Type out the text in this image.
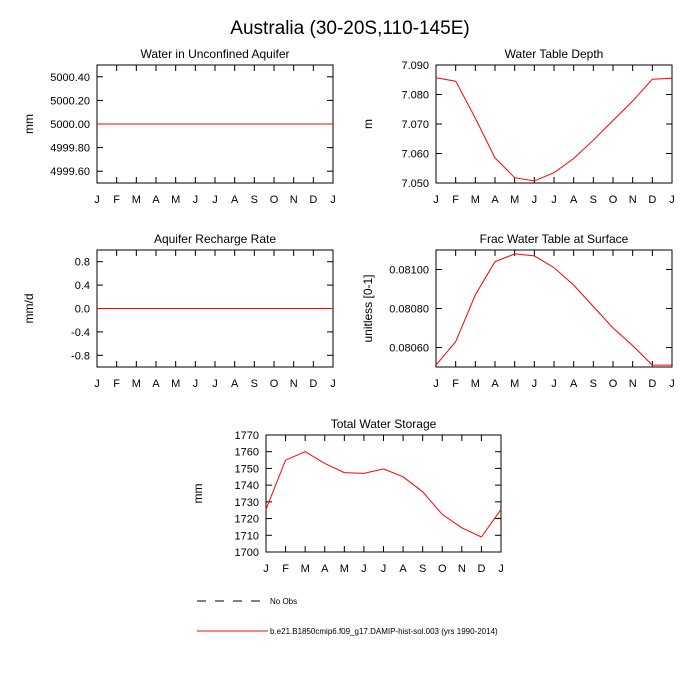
Australia (30-20S,110-145E)
Water in Unconfined Aquifer
J F M A M J J A S O N D J
4999.60
4999.80
5000.00
5000.20
5000.40
mm
Water Table Depth
J F M A M J J A S O N D J
7.050
7.060
7.070
7.080
7.090
m
Aquifer Recharge Rate
J F M A M J J A S O N D J
-0.8
-0.4
0.0
0.4
0.8
mm/d
Frac Water Table at Surface
J F M A M J J A S O N D J
0.08060
0.08080
0.08100
unitless [0-1]
Total Water Storage
J F M A M J J A S O N D J
1700
1710
1720
1730
1740
1750
1760
1770
mm
No Obs
b.e21.B1850cmip6.f09_g17.DAMIP-hist-sol.003 (yrs 1990-2014)
